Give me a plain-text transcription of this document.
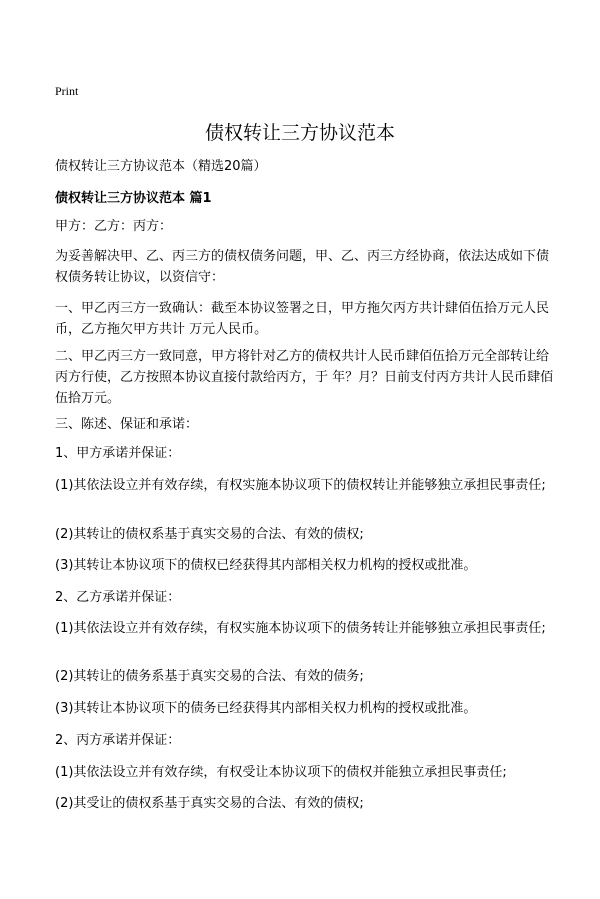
Print
债权转让三方协议范本
债权转让三方协议范本（精选20篇）
债权转让三方协议范本 篇1
甲方：乙方：丙方：
为妥善解决甲、乙、丙三方的债权债务问题，甲、乙、丙三方经协商，依法达成如下债权债务转让协议，以资信守：
一、甲乙丙三方一致确认：截至本协议签署之日，甲方拖欠丙方共计肆佰伍拾万元人民币，乙方拖欠甲方共计 万元人民币。
二、甲乙丙三方一致同意，甲方将针对乙方的债权共计人民币肆佰伍拾万元全部转让给丙方行使，乙方按照本协议直接付款给丙方，于 年？月？日前支付丙方共计人民币肆佰伍拾万元。
三、陈述、保证和承诺：
1、甲方承诺并保证：
(1)其依法设立并有效存续，有权实施本协议项下的债权转让并能够独立承担民事责任;
(2)其转让的债权系基于真实交易的合法、有效的债权;
(3)其转让本协议项下的债权已经获得其内部相关权力机构的授权或批准。
2、乙方承诺并保证：
(1)其依法设立并有效存续，有权实施本协议项下的债务转让并能够独立承担民事责任;
(2)其转让的债务系基于真实交易的合法、有效的债务;
(3)其转让本协议项下的债务已经获得其内部相关权力机构的授权或批准。
2、丙方承诺并保证：
(1)其依法设立并有效存续，有权受让本协议项下的债权并能独立承担民事责任;
(2)其受让的债权系基于真实交易的合法、有效的债权;
